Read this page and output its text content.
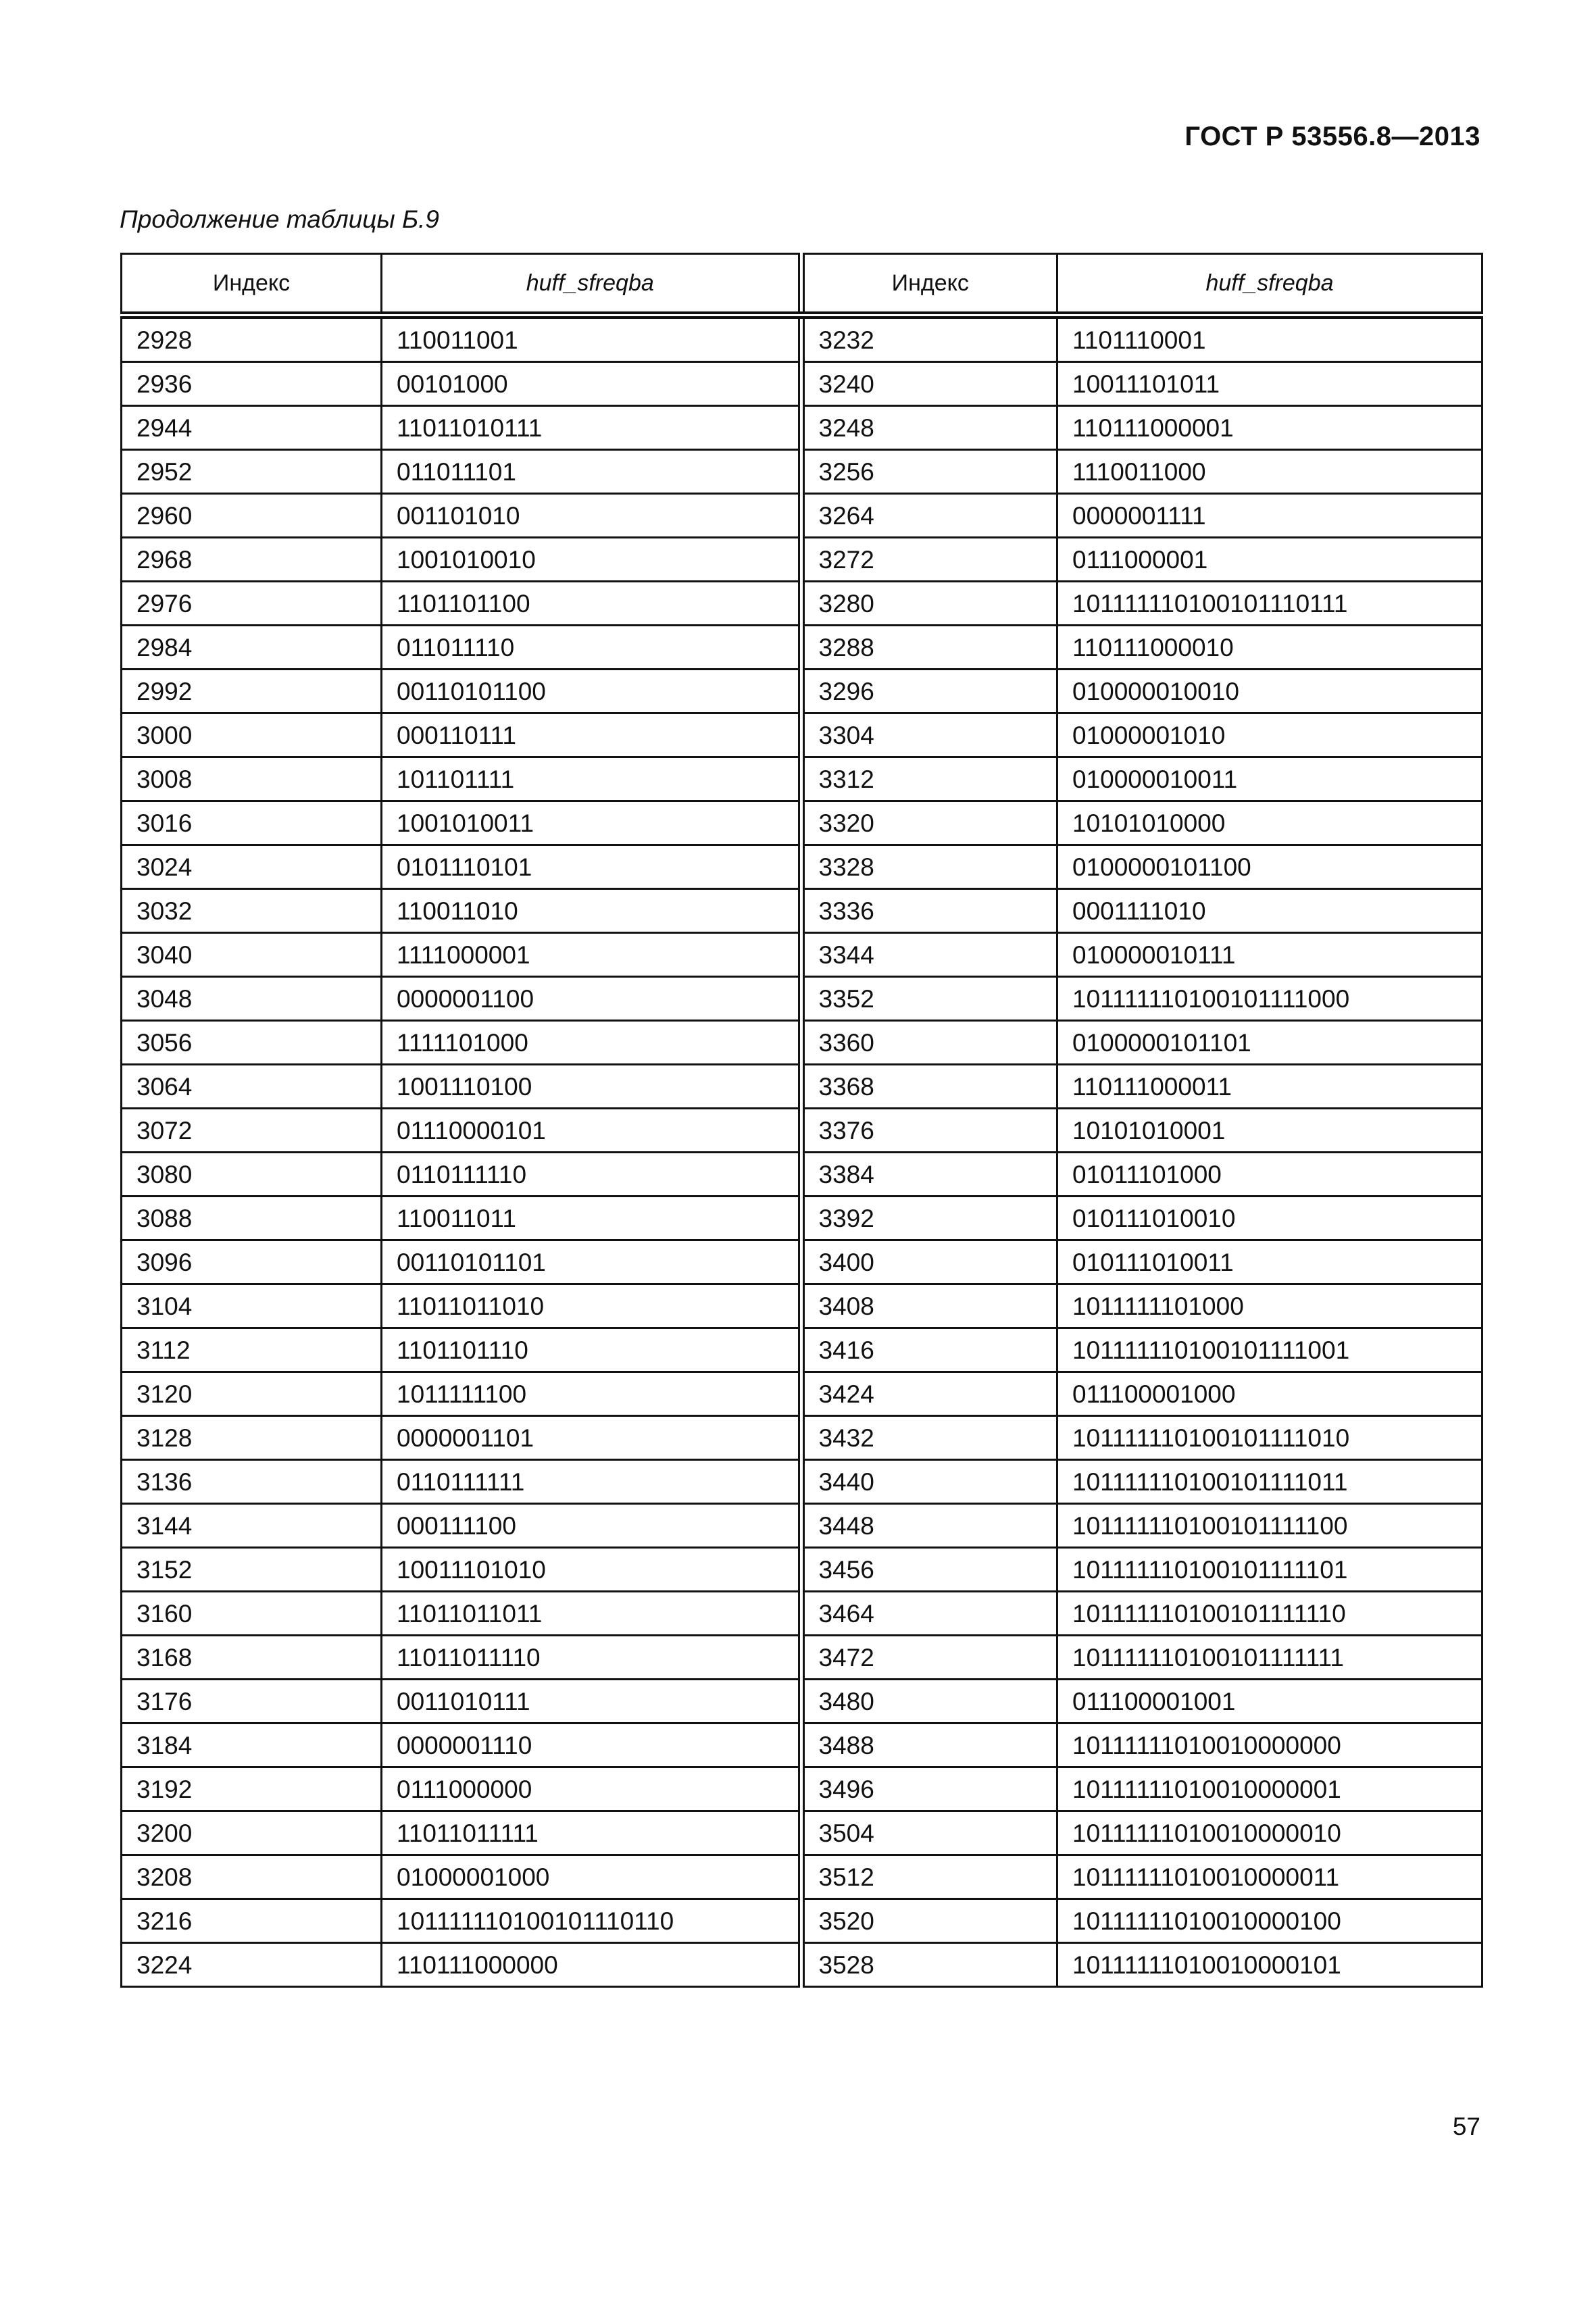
ГОСТ Р 53556.8—2013
Продолжение таблицы Б.9
Индекс	huff_sfreqba	Индекс	huff_sfreqba
2928	110011001	3232	1101110001
2936	00101000	3240	10011101011
2944	11011010111	3248	110111000001
2952	011011101	3256	1110011000
2960	001101010	3264	0000001111
2968	1001010010	3272	0111000001
2976	1101101100	3280	101111110100101110111
2984	011011110	3288	110111000010
2992	00110101100	3296	010000010010
3000	000110111	3304	01000001010
3008	101101111	3312	010000010011
3016	1001010011	3320	10101010000
3024	0101110101	3328	0100000101100
3032	110011010	3336	0001111010
3040	1111000001	3344	010000010111
3048	0000001100	3352	101111110100101111000
3056	1111101000	3360	0100000101101
3064	1001110100	3368	110111000011
3072	01110000101	3376	10101010001
3080	0110111110	3384	01011101000
3088	110011011	3392	010111010010
3096	00110101101	3400	010111010011
3104	11011011010	3408	1011111101000
3112	1101101110	3416	101111110100101111001
3120	1011111100	3424	011100001000
3128	0000001101	3432	101111110100101111010
3136	0110111111	3440	101111110100101111011
3144	000111100	3448	101111110100101111100
3152	10011101010	3456	101111110100101111101
3160	11011011011	3464	101111110100101111110
3168	11011011110	3472	101111110100101111111
3176	0011010111	3480	011100001001
3184	0000001110	3488	10111111010010000000
3192	0111000000	3496	10111111010010000001
3200	11011011111	3504	10111111010010000010
3208	01000001000	3512	10111111010010000011
3216	101111110100101110110	3520	10111111010010000100
3224	110111000000	3528	10111111010010000101
57
